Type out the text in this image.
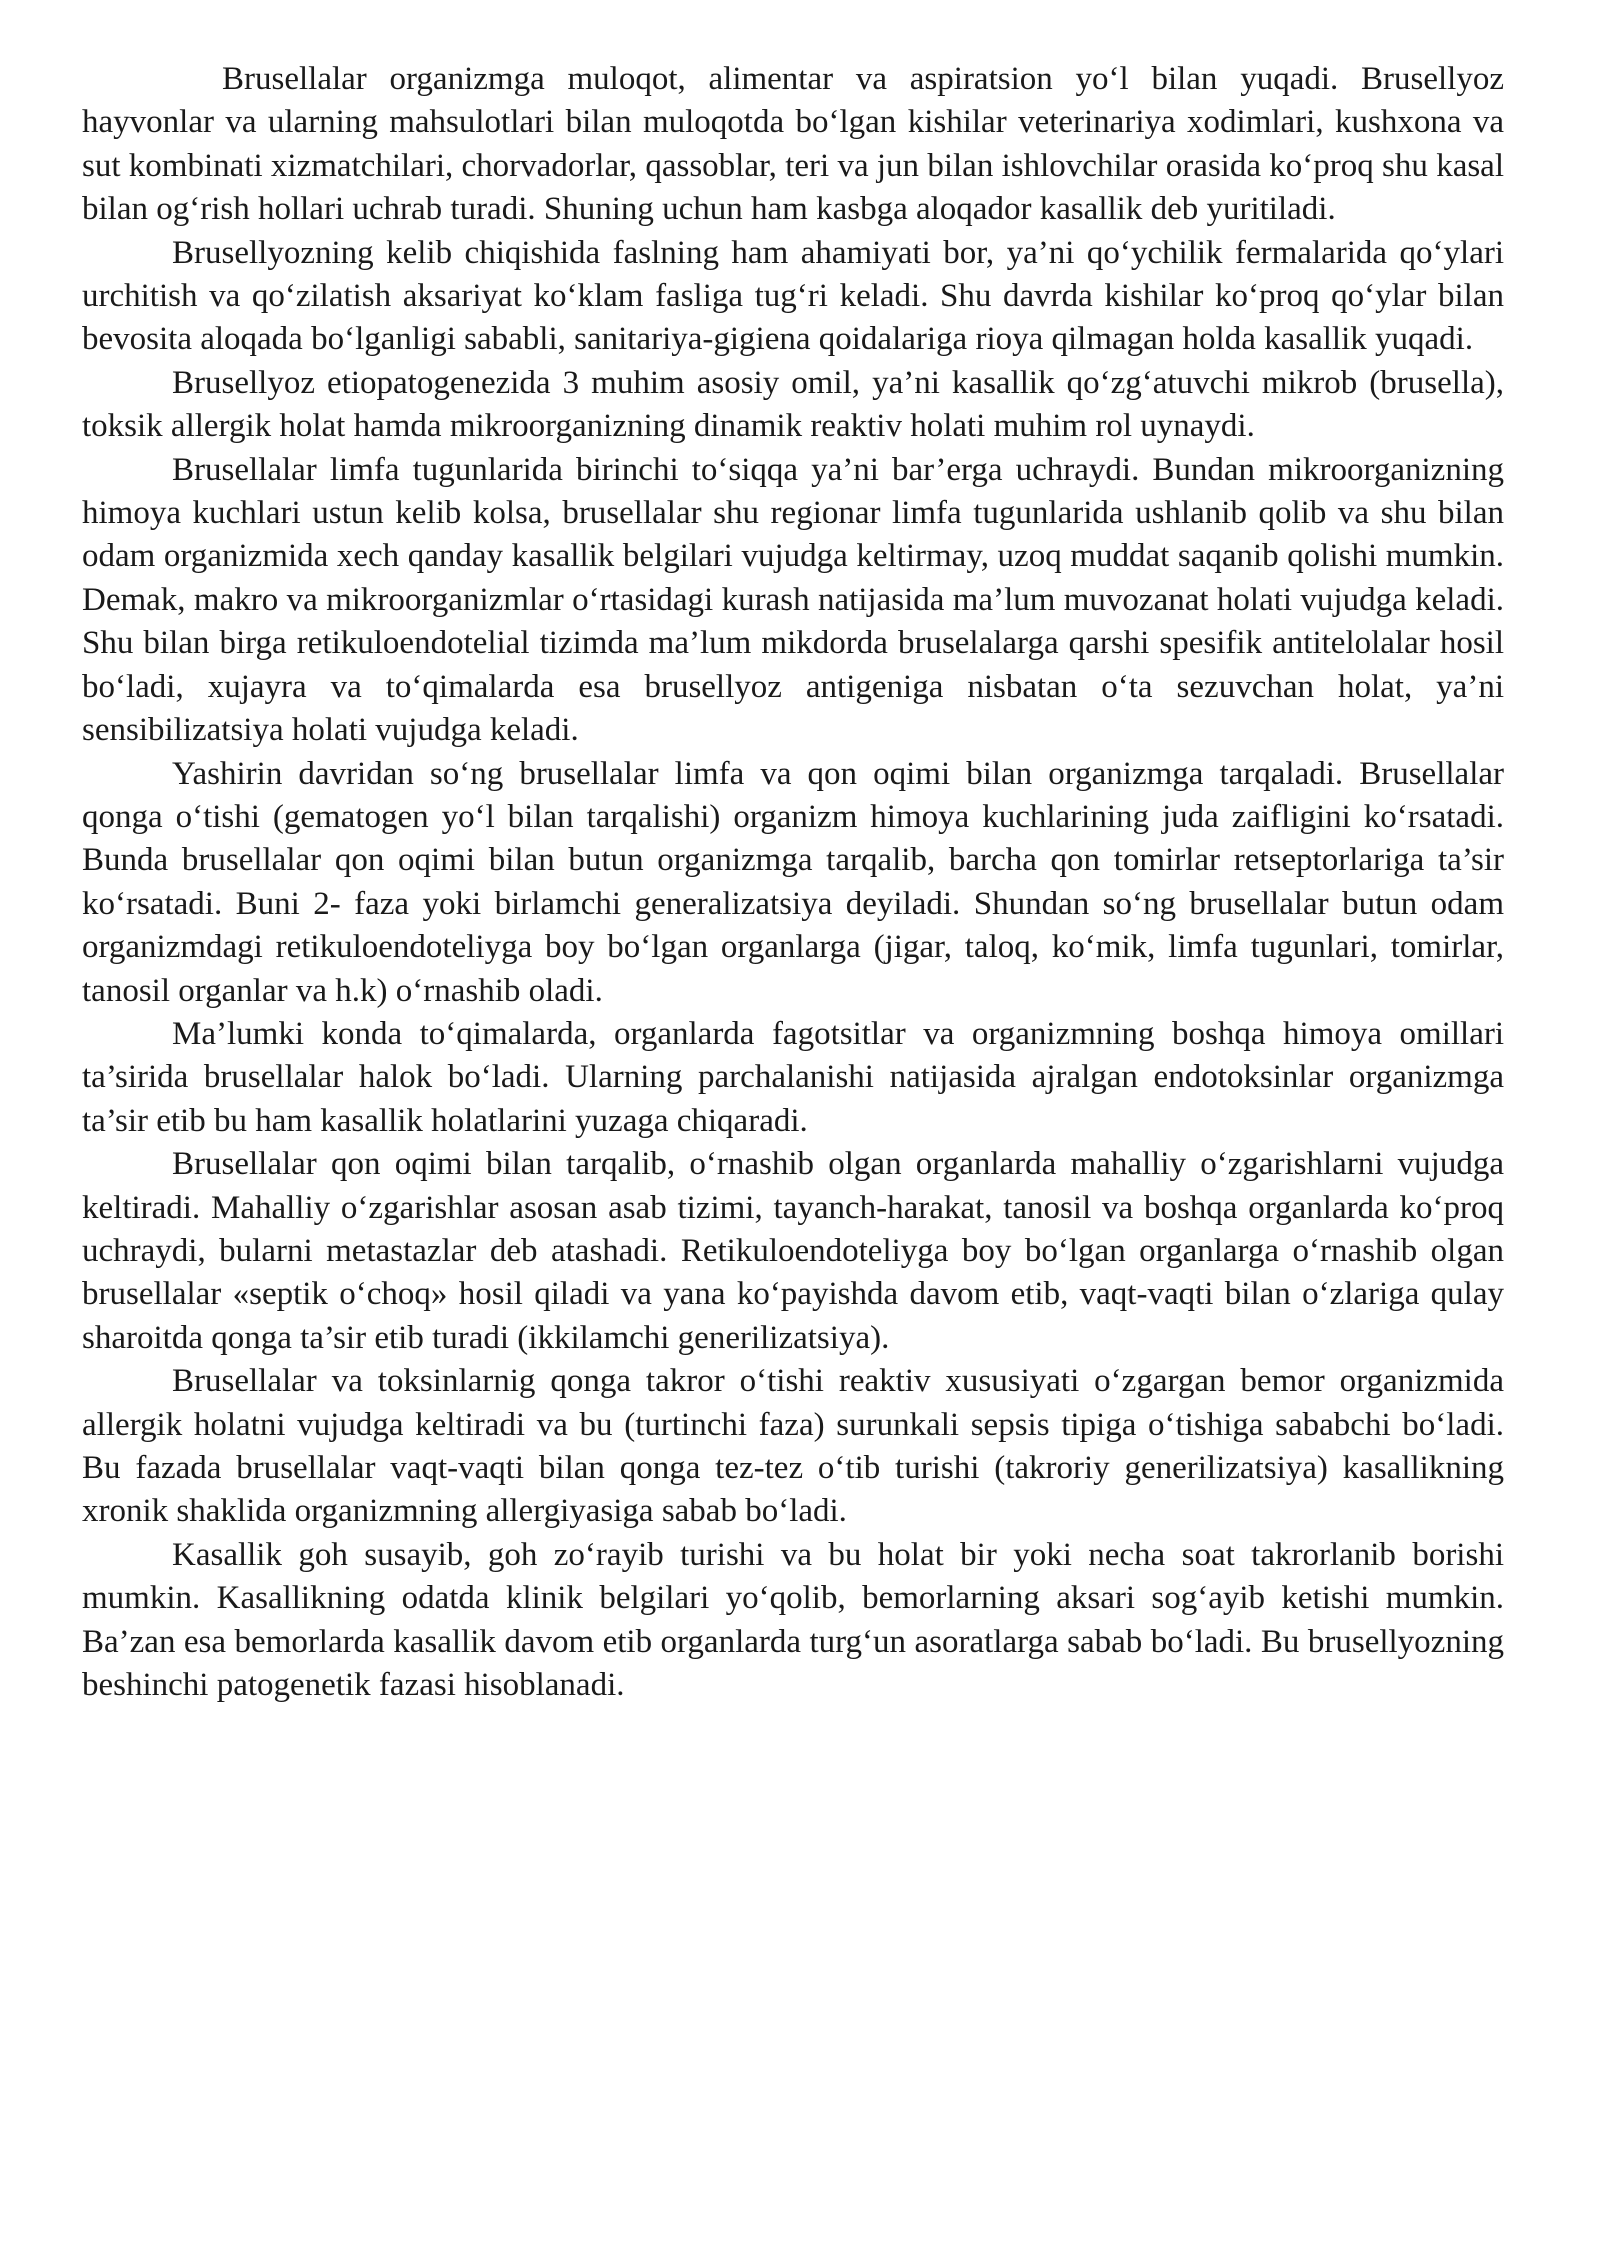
Brusellalar organizmga muloqot, alimentar va aspiratsion yo‘l bilan yuqadi. Brusellyoz hayvonlar va ularning mahsulotlari bilan muloqotda bo‘lgan kishilar veterinariya xodimlari, kushxona va sut kombinati xizmatchilari, chorvadorlar, qassoblar, teri va jun bilan ishlovchilar orasida ko‘proq shu kasal bilan og‘rish hollari uchrab turadi. Shuning uchun ham kasbga aloqador kasallik deb yuritiladi.

Brusellyozning kelib chiqishida faslning ham ahamiyati bor, ya’ni qo‘ychilik fermalarida qo‘ylari urchitish va qo‘zilatish aksariyat ko‘klam fasliga tug‘ri keladi. Shu davrda kishilar ko‘proq qo‘ylar bilan bevosita aloqada bo‘lganligi sababli, sanitariya-gigiena qoidalariga rioya qilmagan holda kasallik yuqadi.

Brusellyoz etiopatogenezida 3 muhim asosiy omil, ya’ni kasallik qo‘zg‘atuvchi mikrob (brusella), toksik allergik holat hamda mikroorganizning dinamik reaktiv holati muhim rol uynaydi.

Brusellalar limfa tugunlarida birinchi to‘siqqa ya’ni bar’erga uchraydi. Bundan mikroorganizning himoya kuchlari ustun kelib kolsa, brusellalar shu regionar limfa tugunlarida ushlanib qolib va shu bilan odam organizmida xech qanday kasallik belgilari vujudga keltirmay, uzoq muddat saqanib qolishi mumkin. Demak, makro va mikroorganizmlar o‘rtasidagi kurash natijasida ma’lum muvozanat holati vujudga keladi. Shu bilan birga retikuloendotelial tizimda ma’lum mikdorda bruselalarga qarshi spesifik antitelolalar hosil bo‘ladi, xujayra va to‘qimalarda esa brusellyoz antigeniga nisbatan o‘ta sezuvchan holat, ya’ni sensibilizatsiya holati vujudga keladi.

Yashirin davridan so‘ng brusellalar limfa va qon oqimi bilan organizmga tarqaladi. Brusellalar qonga o‘tishi (gematogen yo‘l bilan tarqalishi) organizm himoya kuchlarining juda zaifligini ko‘rsatadi. Bunda brusellalar qon oqimi bilan butun organizmga tarqalib, barcha qon tomirlar retseptorlariga ta’sir ko‘rsatadi. Buni 2- faza yoki birlamchi generalizatsiya deyiladi. Shundan so‘ng brusellalar butun odam organizmdagi retikuloendoteliyga boy bo‘lgan organlarga (jigar, taloq, ko‘mik, limfa tugunlari, tomirlar, tanosil organlar va h.k) o‘rnashib oladi.

Ma’lumki konda to‘qimalarda, organlarda fagotsitlar va organizmning boshqa himoya omillari ta’sirida brusellalar halok bo‘ladi. Ularning parchalanishi natijasida ajralgan endotoksinlar organizmga ta’sir etib bu ham kasallik holatlarini yuzaga chiqaradi.

Brusellalar qon oqimi bilan tarqalib, o‘rnashib olgan organlarda mahalliy o‘zgarishlarni vujudga keltiradi. Mahalliy o‘zgarishlar asosan asab tizimi, tayanch-harakat, tanosil va boshqa organlarda ko‘proq uchraydi, bularni metastazlar deb atashadi. Retikuloendoteliyga boy bo‘lgan organlarga o‘rnashib olgan brusellalar «septik o‘choq» hosil qiladi va yana ko‘payishda davom etib, vaqt-vaqti bilan o‘zlariga qulay sharoitda qonga ta’sir etib turadi (ikkilamchi generilizatsiya).

Brusellalar va toksinlarnig qonga takror o‘tishi reaktiv xususiyati o‘zgargan bemor organizmida allergik holatni vujudga keltiradi va bu (turtinchi faza) surunkali sepsis tipiga o‘tishiga sababchi bo‘ladi. Bu fazada brusellalar vaqt-vaqti bilan qonga tez-tez o‘tib turishi (takroriy generilizatsiya) kasallikning xronik shaklida organizmning allergiyasiga sabab bo‘ladi.

Kasallik goh susayib, goh zo‘rayib turishi va bu holat bir yoki necha soat takrorlanib borishi mumkin. Kasallikning odatda klinik belgilari yo‘qolib, bemorlarning aksari sog‘ayib ketishi mumkin. Ba’zan esa bemorlarda kasallik davom etib organlarda turg‘un asoratlarga sabab bo‘ladi. Bu brusellyozning beshinchi patogenetik fazasi hisoblanadi.
